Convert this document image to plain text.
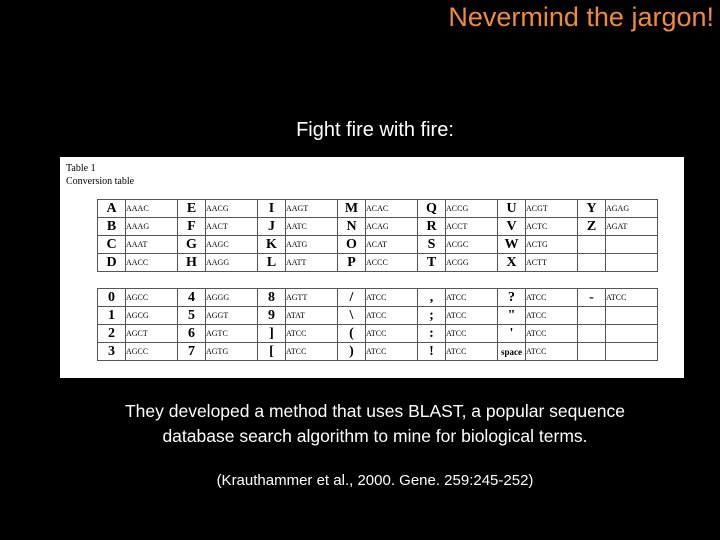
Nevermind the jargon!
Fight fire with fire:
Table 1
Conversion table
A	AAAC	E	AACG	I	AAGT	M	ACAC	Q	ACCG	U	ACGT	Y	AGAG
B	AAAG	F	AACT	J	AATC	N	ACAG	R	ACCT	V	ACTC	Z	AGAT
C	AAAT	G	AAGC	K	AATG	O	ACAT	S	ACGC	W	ACTG		
D	AACC	H	AAGG	L	AATT	P	ACCC	T	ACGG	X	ACTT		
0	AGCC	4	AGGG	8	AGTT	/	ATCC	,	ATCC	?	ATCC	-	ATCC
1	AGCG	5	AGGT	9	ATAT	\	ATCC	;	ATCC	"	ATCC		
2	AGCT	6	AGTC	]	ATCC	(	ATCC	:	ATCC	'	ATCC		
3	AGCC	7	AGTG	[	ATCC	)	ATCC	!	ATCC	space	ATCC		
They developed a method that uses BLAST, a popular sequence
database search algorithm to mine for biological terms.
(Krauthammer et al., 2000. Gene. 259:245-252)
